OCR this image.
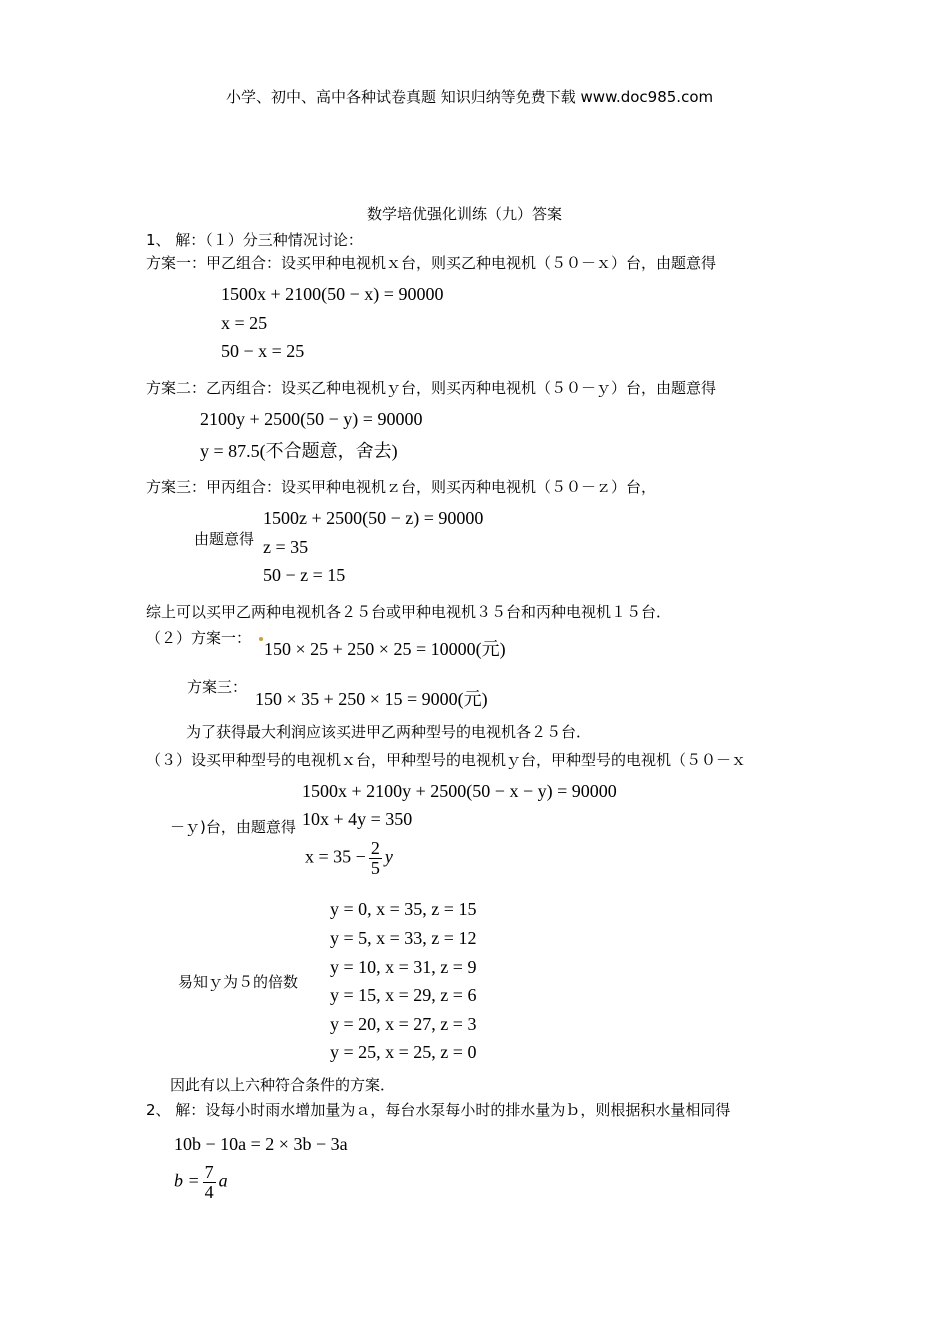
小学、初中、高中各种试卷真题 知识归纳等免费下载 www.doc985.com
数学培优强化训练（九）答案
1、 解：（１）分三种情况讨论：
方案一：甲乙组合：设买甲种电视机ｘ台，则买乙种电视机（５０－ｘ）台，由题意得
1500x + 2100(50 − x) = 90000
x = 25
50 − x = 25
方案二：乙丙组合：设买乙种电视机ｙ台，则买丙种电视机（５０－ｙ）台，由题意得
2100y + 2500(50 − y) = 90000
y = 87.5(不合题意，舍去)
方案三：甲丙组合：设买甲种电视机ｚ台，则买丙种电视机（５０－ｚ）台，
1500z + 2500(50 − z) = 90000
由题意得 z = 35
50 − z = 15
综上可以买甲乙两种电视机各２５台或甲种电视机３５台和丙种电视机１５台．
（２）方案一：
150 × 25 + 250 × 25 = 10000(元)
方案三：
150 × 35 + 250 × 15 = 9000(元)
为了获得最大利润应该买进甲乙两种型号的电视机各２５台．
（３）设买甲种型号的电视机ｘ台，甲种型号的电视机ｙ台，甲种型号的电视机（５０－ｘ
1500x + 2100y + 2500(50 − x − y) = 90000
－ｙ)台，由题意得 10x + 4y = 350
$x = 35 - \frac{2}{5}$ y
易知ｙ为５的倍数
y = 0, x = 35, z = 15
y = 5, x = 33, z = 12
y = 10, x = 31, z = 9
y = 15, x = 29, z = 6
y = 20, x = 27, z = 3
y = 25, x = 25, z = 0
因此有以上六种符合条件的方案．
2、 解：设每小时雨水增加量为ａ，每台水泵每小时的排水量为ｂ，则根据积水量相同得
10b − 10a = 2 × 3b − 3a
$b = \frac{7}{4}$ a
